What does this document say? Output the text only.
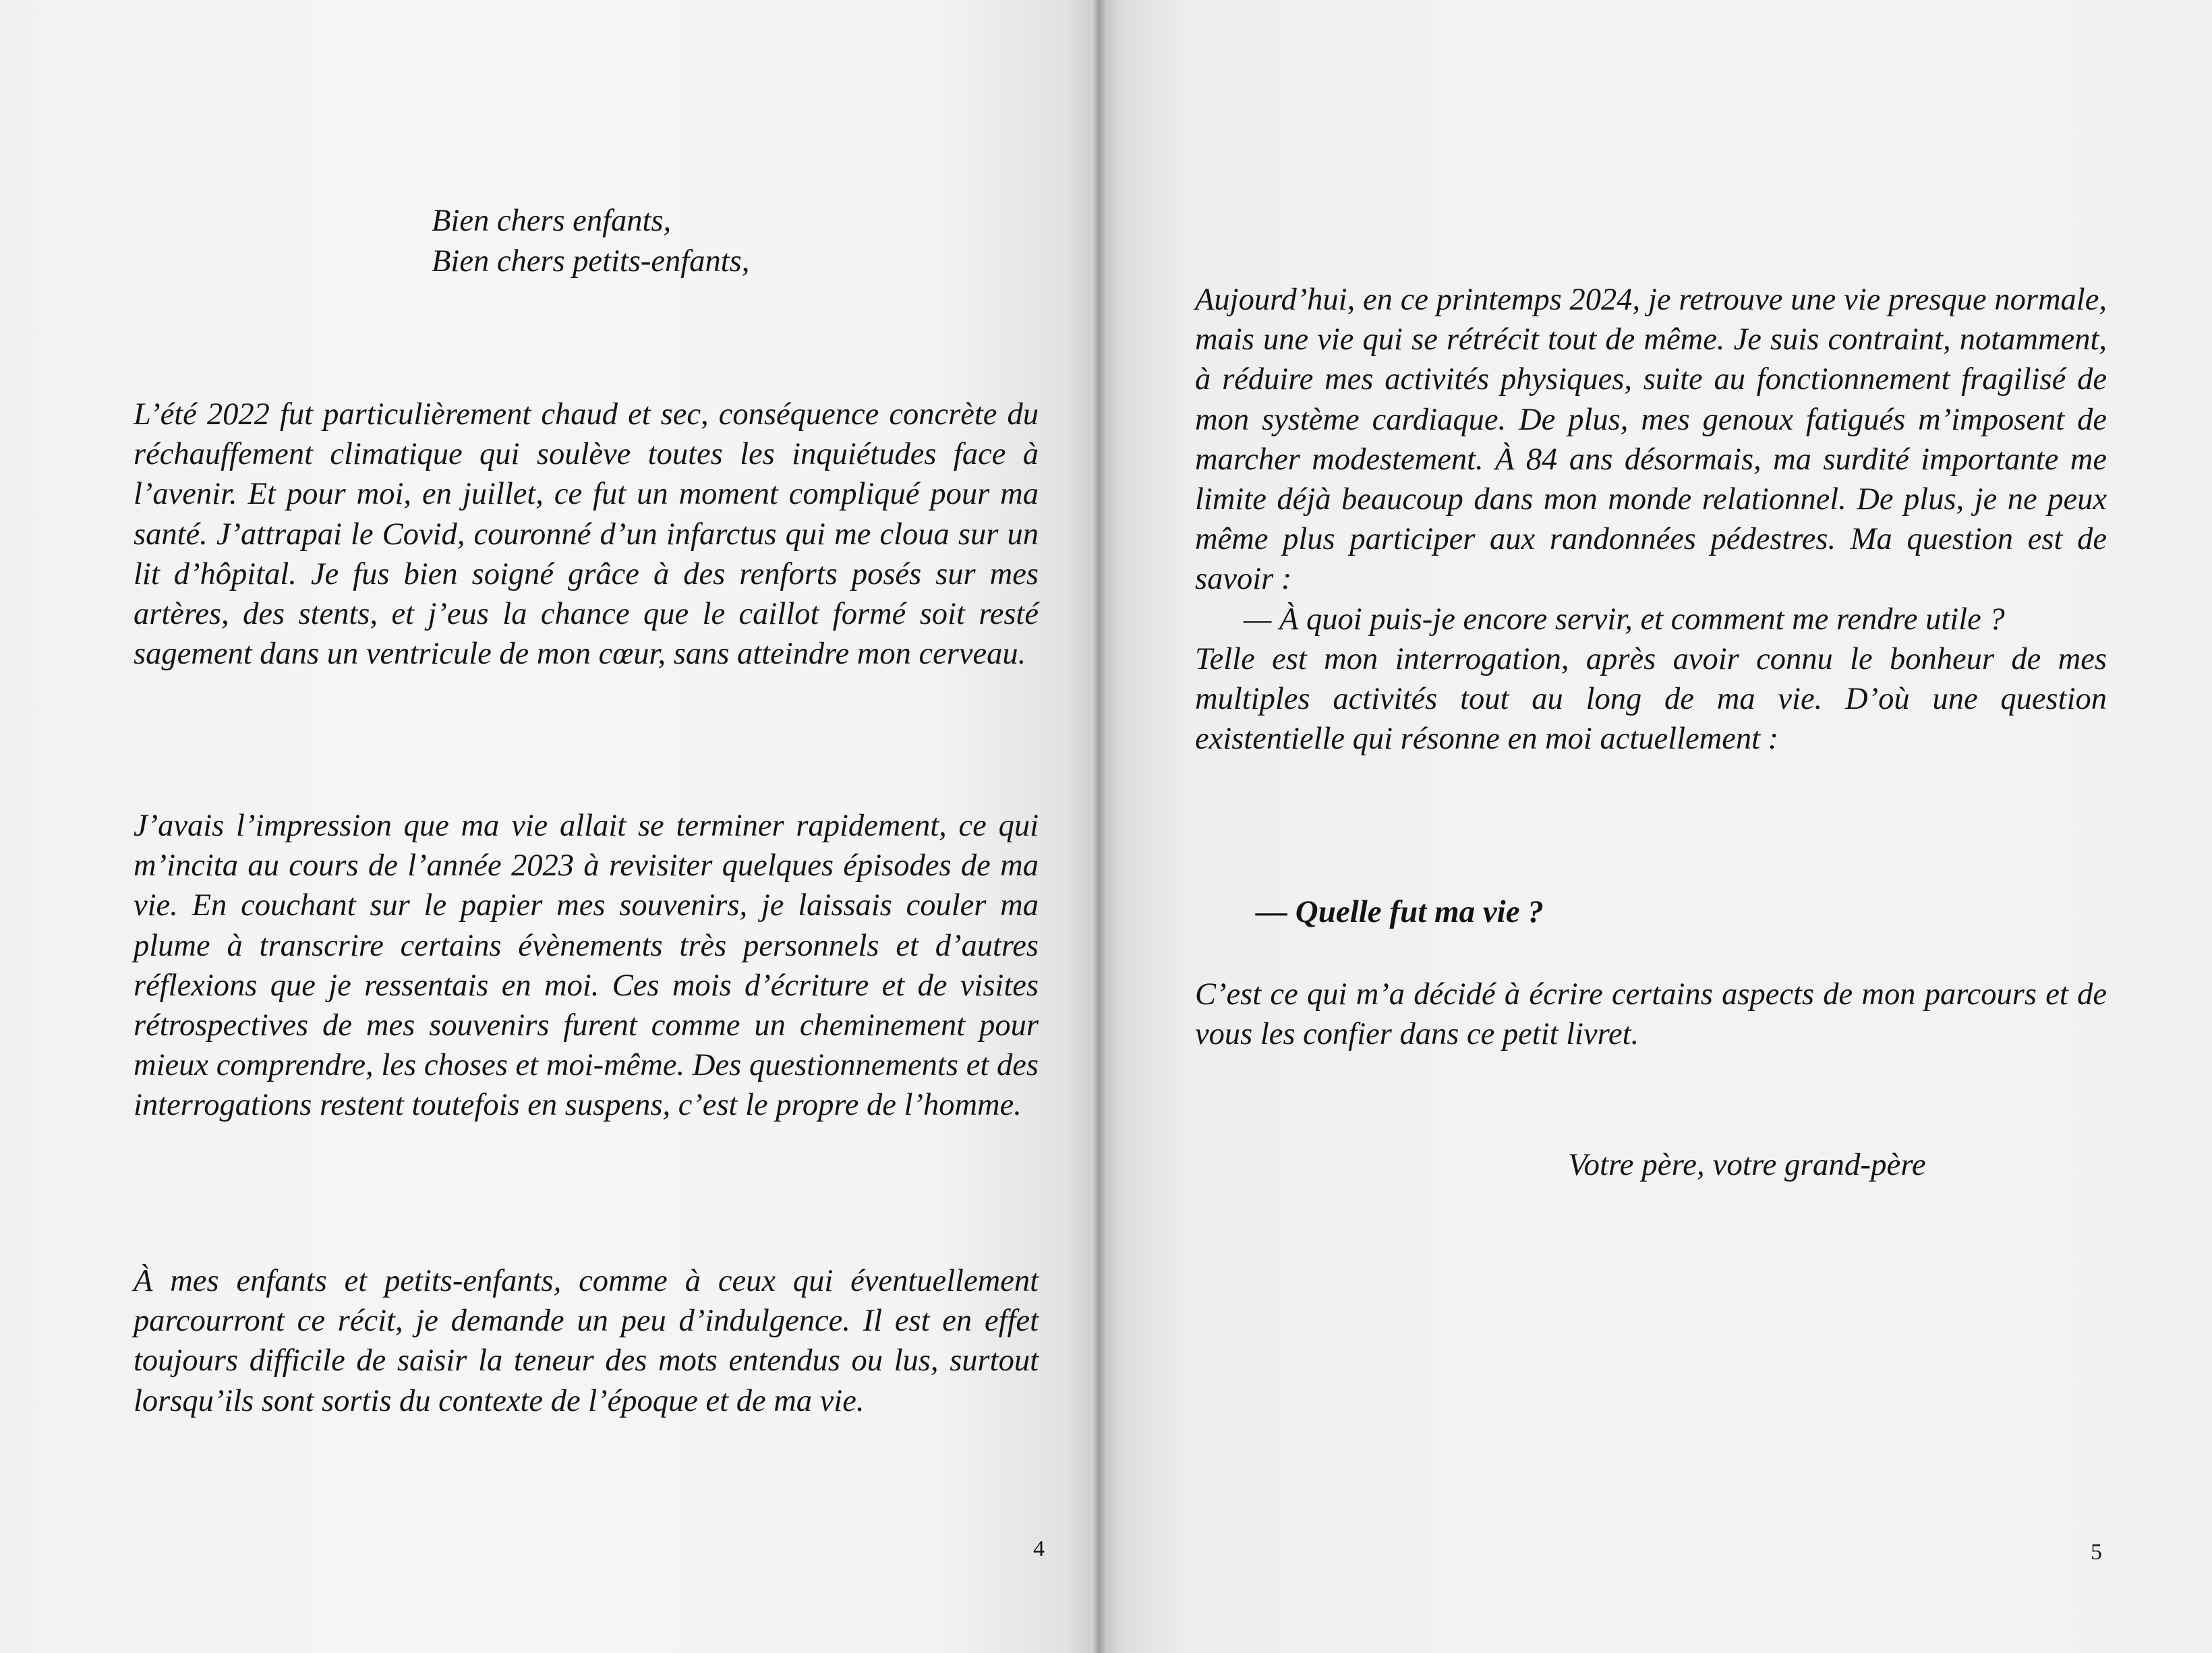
Bien chers enfants,
Bien chers petits-enfants,

L’été 2022 fut particulièrement chaud et sec, conséquence concrète du réchauffement climatique qui soulève toutes les inquiétudes face à l’avenir. Et pour moi, en juillet, ce fut un moment compliqué pour ma santé. J’attrapai le Covid, couronné d’un infarctus qui me cloua sur un lit d’hôpital. Je fus bien soigné grâce à des renforts posés sur mes artères, des stents, et j’eus la chance que le caillot formé soit resté sagement dans un ventricule de mon cœur, sans atteindre mon cerveau.

J’avais l’impression que ma vie allait se terminer rapidement, ce qui m’incita au cours de l’année 2023 à revisiter quelques épisodes de ma vie. En couchant sur le papier mes souvenirs, je laissais couler ma plume à transcrire certains évènements très personnels et d’autres réflexions que je ressentais en moi. Ces mois d’écriture et de visites rétrospectives de mes souvenirs furent comme un cheminement pour mieux comprendre, les choses et moi-même. Des questionnements et des interrogations restent toutefois en suspens, c’est le propre de l’homme.

À mes enfants et petits-enfants, comme à ceux qui éventuellement parcourront ce récit, je demande un peu d’indulgence. Il est en effet toujours difficile de saisir la teneur des mots entendus ou lus, surtout lorsqu’ils sont sortis du contexte de l’époque et de ma vie.

4

Aujourd’hui, en ce printemps 2024, je retrouve une vie presque normale, mais une vie qui se rétrécit tout de même. Je suis contraint, notamment, à réduire mes activités physiques, suite au fonctionnement fragilisé de mon système cardiaque. De plus, mes genoux fatigués m’imposent de marcher modestement. À 84 ans désormais, ma surdité importante me limite déjà beaucoup dans mon monde relationnel. De plus, je ne peux même plus participer aux randonnées pédestres. Ma question est de savoir :
— À quoi puis-je encore servir, et comment me rendre utile ?
Telle est mon interrogation, après avoir connu le bonheur de mes multiples activités tout au long de ma vie. D’où une question existentielle qui résonne en moi actuellement :

— Quelle fut ma vie ?

C’est ce qui m’a décidé à écrire certains aspects de mon parcours et de vous les confier dans ce petit livret.

Votre père, votre grand-père
5
